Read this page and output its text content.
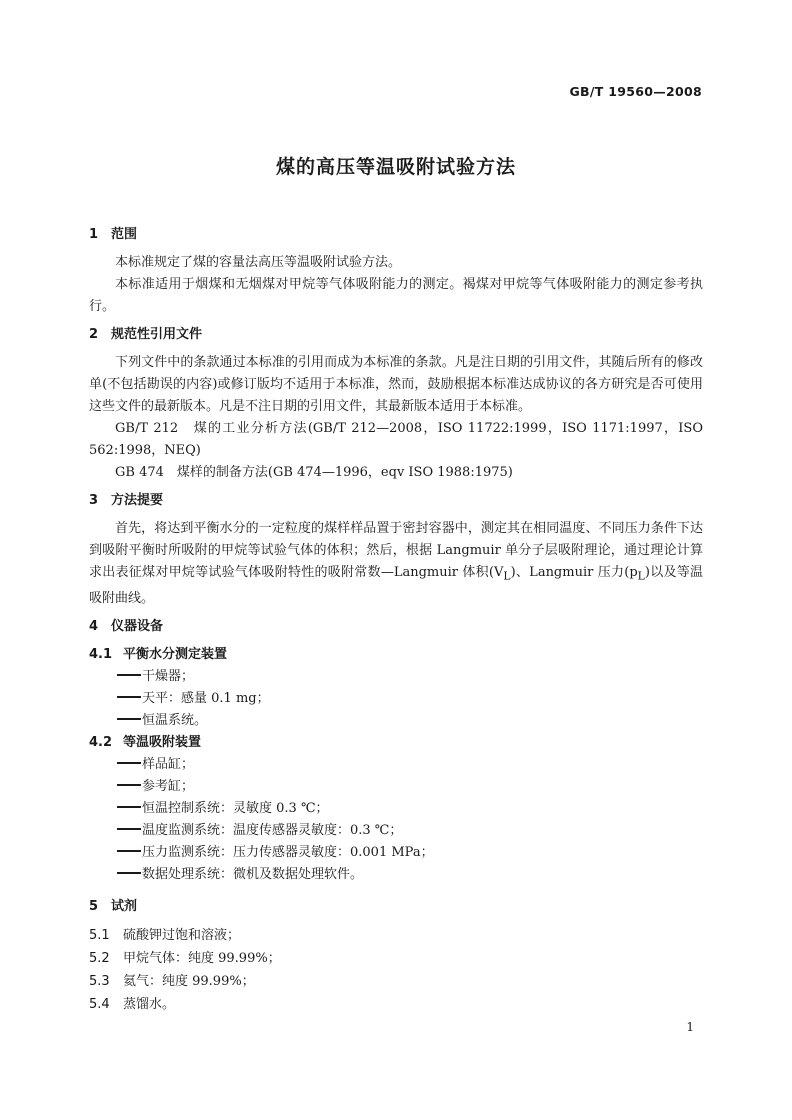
GB/T 19560—2008
煤的高压等温吸附试验方法
1 范围

本标准规定了煤的容量法高压等温吸附试验方法。

本标准适用于烟煤和无烟煤对甲烷等气体吸附能力的测定。褐煤对甲烷等气体吸附能力的测定参考执行。

2 规范性引用文件

下列文件中的条款通过本标准的引用而成为本标准的条款。凡是注日期的引用文件，其随后所有的修改单(不包括勘误的内容)或修订版均不适用于本标准，然而，鼓励根据本标准达成协议的各方研究是否可使用这些文件的最新版本。凡是不注日期的引用文件，其最新版本适用于本标准。

GB/T 212　煤的工业分析方法(GB/T 212—2008，ISO 11722:1999，ISO 1171:1997，ISO 562:1998，NEQ)

GB 474　煤样的制备方法(GB 474—1996，eqv ISO 1988:1975)

3 方法提要

首先，将达到平衡水分的一定粒度的煤样样品置于密封容器中，测定其在相同温度、不同压力条件下达到吸附平衡时所吸附的甲烷等试验气体的体积；然后，根据 Langmuir 单分子层吸附理论，通过理论计算求出表征煤对甲烷等试验气体吸附特性的吸附常数—Langmuir 体积$(V_L)$、Langmuir 压力$(p_L)$以及等温吸附曲线。

4 仪器设备
4.1 平衡水分测定装置

干燥器；

天平：感量 0.1 mg；

恒温系统。

4.2 等温吸附装置

样品缸；

参考缸；

恒温控制系统：灵敏度 0.3 ℃；

温度监测系统：温度传感器灵敏度：0.3 ℃；

压力监测系统：压力传感器灵敏度：0.001 MPa；

数据处理系统：微机及数据处理软件。

5 试剂

5.1 硫酸钾过饱和溶液；

5.2 甲烷气体：纯度 99.99%；

5.3 氦气：纯度 99.99%；

5.4 蒸馏水。

1
